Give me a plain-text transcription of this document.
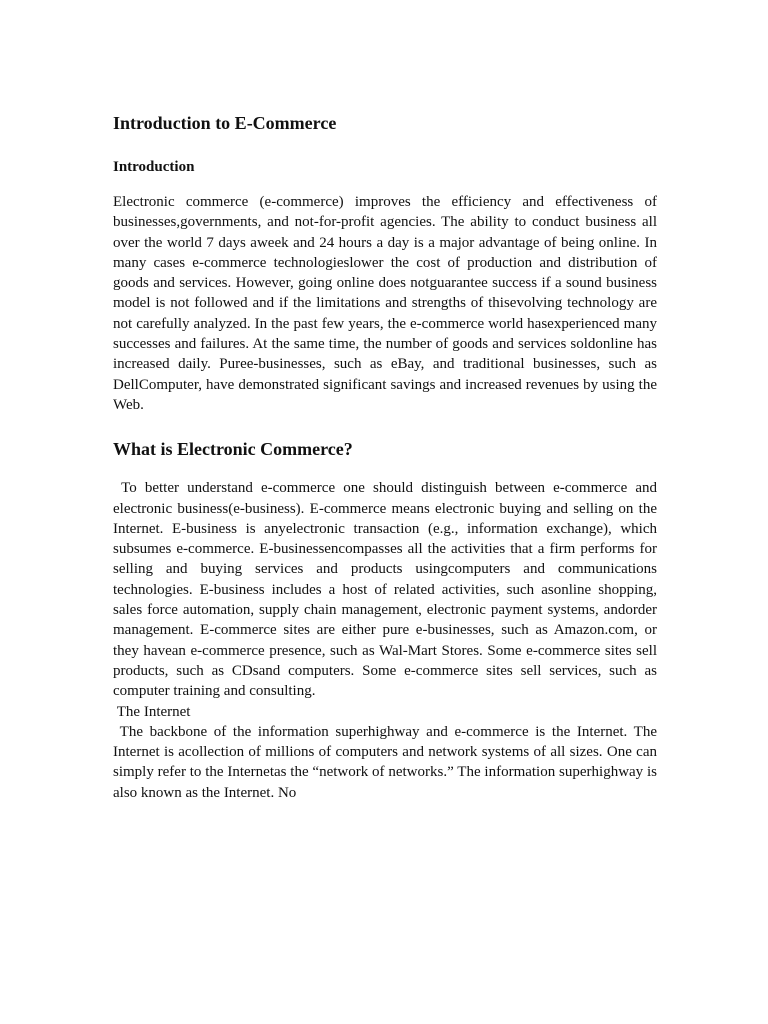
Introduction to E-Commerce
Introduction

Electronic commerce (e-commerce) improves the efficiency and effectiveness of businesses,governments, and not-for-profit agencies. The ability to conduct business all over the world 7 days aweek and 24 hours a day is a major advantage of being online. In many cases e-commerce technologieslower the cost of production and distribution of goods and services. However, going online does notguarantee success if a sound business model is not followed and if the limitations and strengths of thisevolving technology are not carefully analyzed. In the past few years, the e-commerce world hasexperienced many successes and failures. At the same time, the number of goods and services soldonline has increased daily. Puree-businesses, such as eBay, and traditional businesses, such as DellComputer, have demonstrated significant savings and increased revenues by using the Web.

What is Electronic Commerce?

To better understand e-commerce one should distinguish between e-commerce and electronic business(e-business). E-commerce means electronic buying and selling on the Internet. E-business is anyelectronic transaction (e.g., information exchange), which subsumes e-commerce. E-businessencompasses all the activities that a firm performs for selling and buying services and products usingcomputers and communications technologies. E-business includes a host of related activities, such asonline shopping, sales force automation, supply chain management, electronic payment systems, andorder management. E-commerce sites are either pure e-businesses, such as Amazon.com, or they havean e-commerce presence, such as Wal-Mart Stores. Some e-commerce sites sell products, such as CDsand computers. Some e-commerce sites sell services, such as computer training and consulting.

The Internet

The backbone of the information superhighway and e-commerce is the Internet. The Internet is acollection of millions of computers and network systems of all sizes. One can simply refer to the Internetas the “network of networks.” The information superhighway is also known as the Internet. No
